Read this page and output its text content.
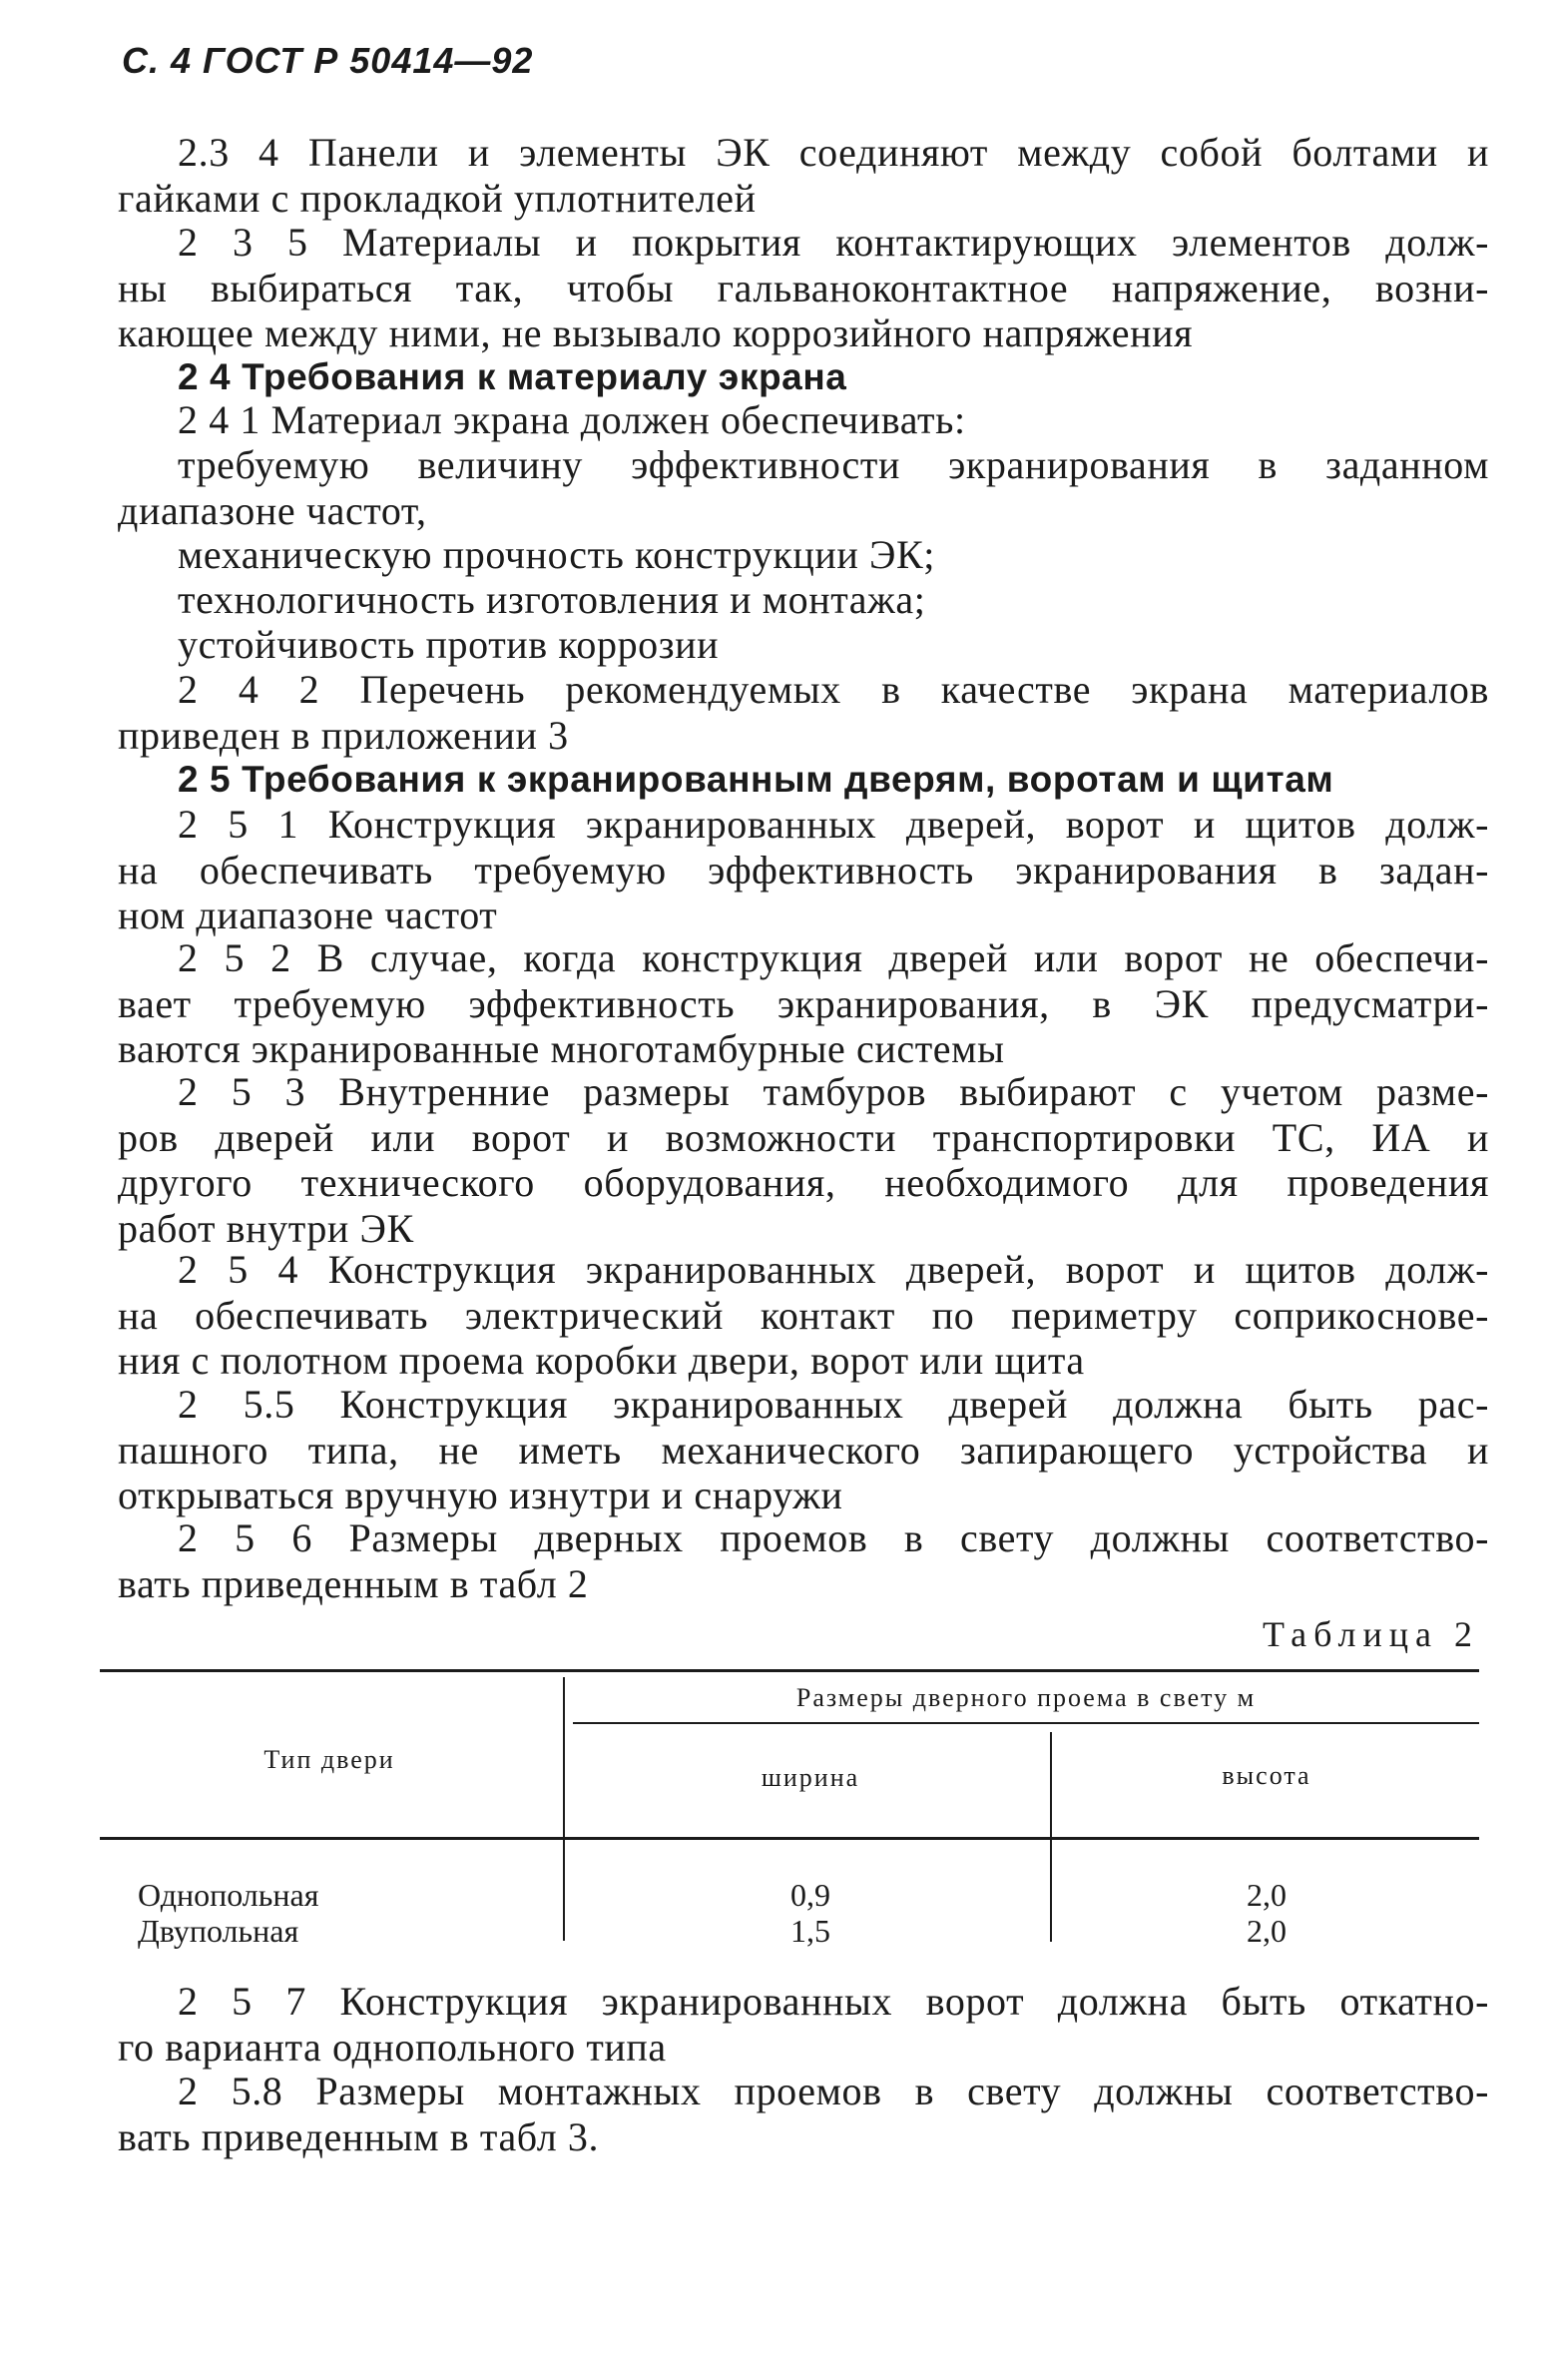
С. 4 ГОСТ Р 50414—92
2.3 4 Панели и элементы ЭК соединяют между собой болтами и
гайками с прокладкой уплотнителей
2 3 5 Материалы и покрытия контактирующих элементов долж-
ны выбираться так, чтобы гальваноконтактное напряжение, возни-
кающее между ними, не вызывало коррозийного напряжения
2 4 Требования к материалу экрана
2 4 1 Материал экрана должен обеспечивать:
требуемую величину эффективности экранирования в заданном
диапазоне частот,
механическую прочность конструкции ЭК;
технологичность изготовления и монтажа;
устойчивость против коррозии
2 4 2 Перечень рекомендуемых в качестве экрана материалов
приведен в приложении 3
2 5 Требования к экранированным дверям, воротам и щитам
2 5 1 Конструкция экранированных дверей, ворот и щитов долж-
на обеспечивать требуемую эффективность экранирования в задан-
ном диапазоне частот
2 5 2 В случае, когда конструкция дверей или ворот не обеспечи-
вает требуемую эффективность экранирования, в ЭК предусматри-
ваются экранированные многотамбурные системы
2 5 3 Внутренние размеры тамбуров выбирают с учетом разме-
ров дверей или ворот и возможности транспортировки ТС, ИА и
другого технического оборудования, необходимого для проведения
работ внутри ЭК
2 5 4 Конструкция экранированных дверей, ворот и щитов долж-
на обеспечивать электрический контакт по периметру соприкоснове-
ния с полотном проема коробки двери, ворот или щита
2 5.5 Конструкция экранированных дверей должна быть рас-
пашного типа, не иметь механического запирающего устройства и
открываться вручную изнутри и снаружи
2 5 6 Размеры дверных проемов в свету должны соответство-
вать приведенным в табл 2
Таблица 2
Тип двери
Размеры дверного проема в свету м
ширина	высота
Однопольная	0,9	2,0
Двупольная	1,5	2,0
2 5 7 Конструкция экранированных ворот должна быть откатно-
го варианта однопольного типа
2 5.8 Размеры монтажных проемов в свету должны соответство-
вать приведенным в табл 3.
